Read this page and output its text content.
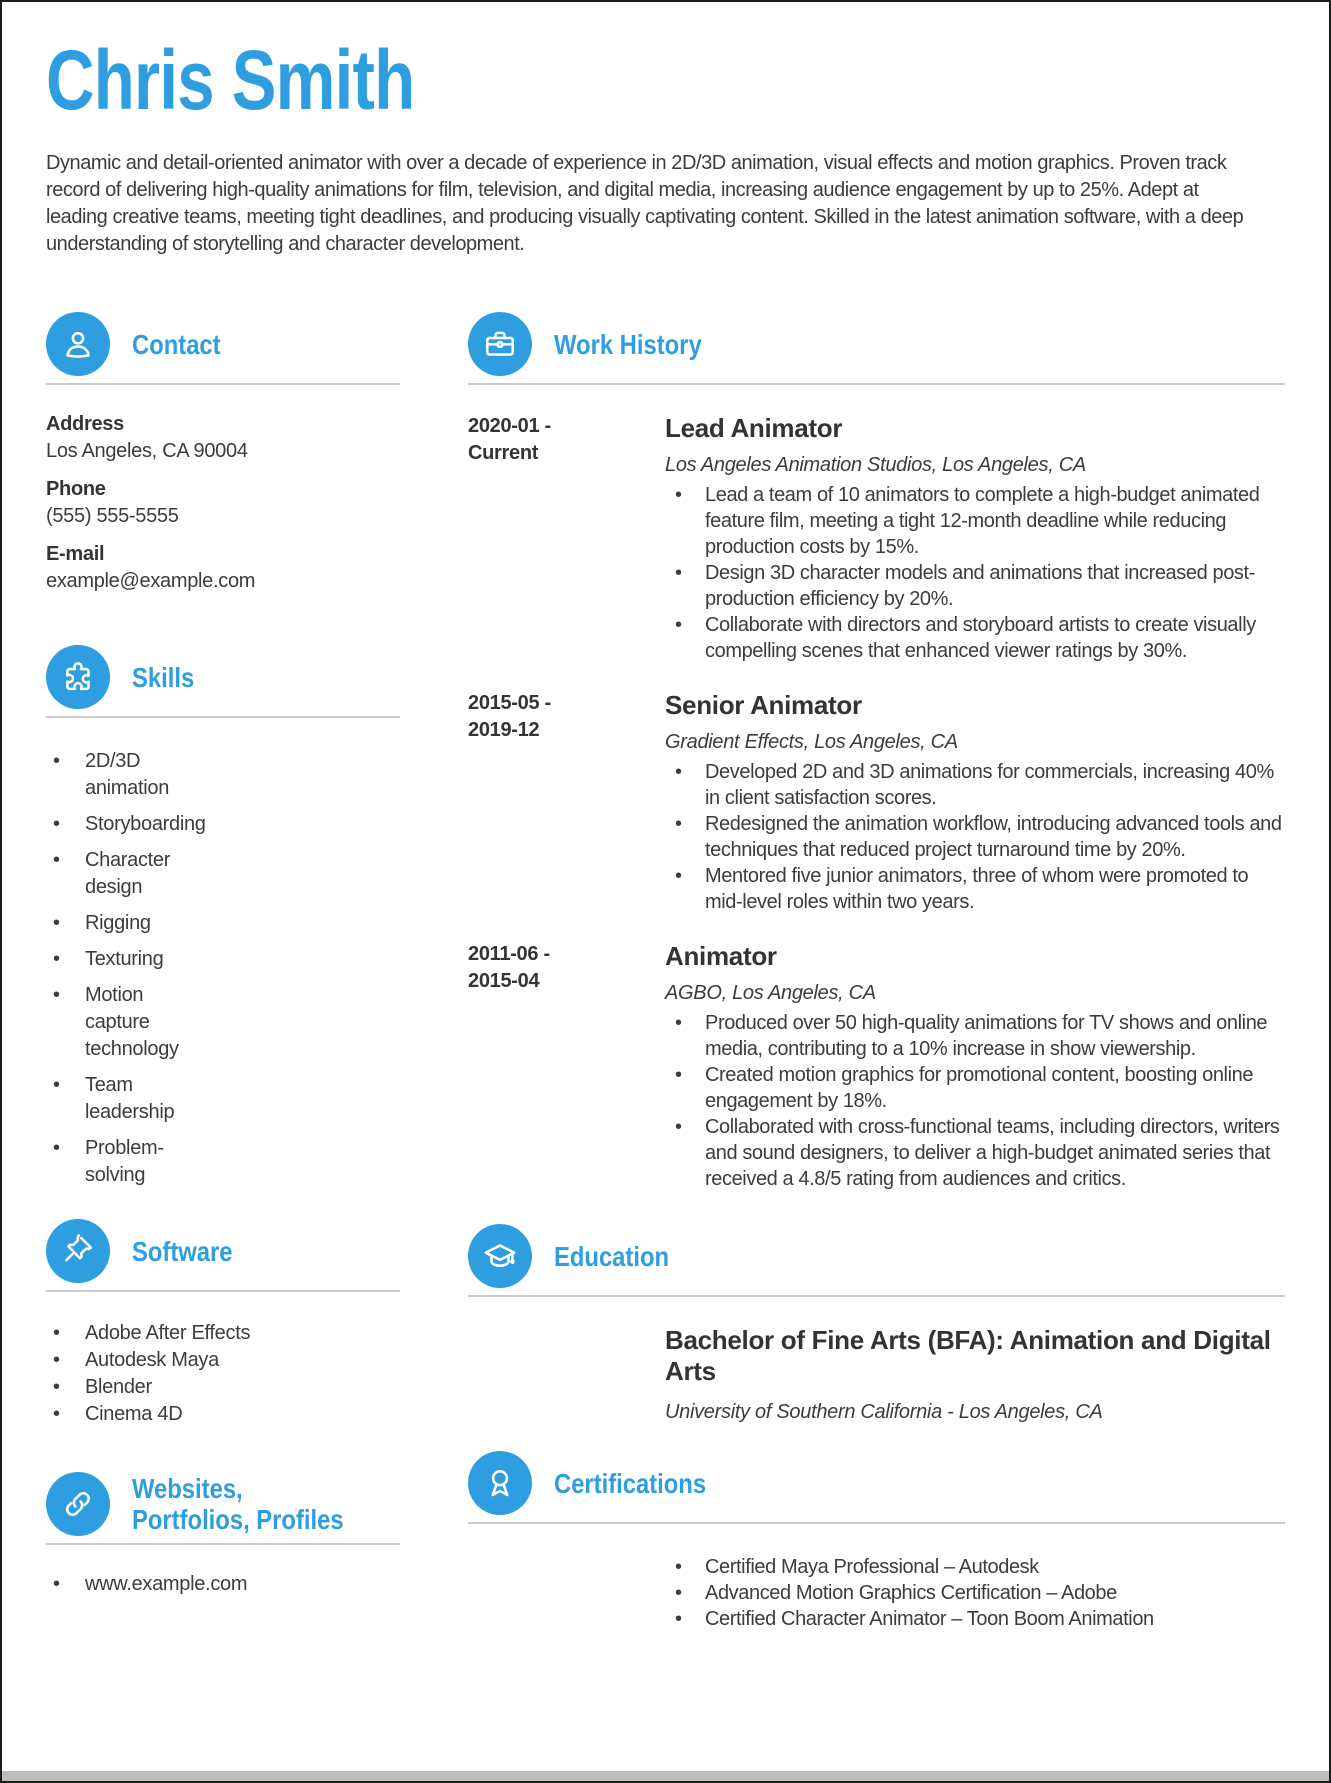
Chris Smith
Dynamic and detail-oriented animator with over a decade of experience in 2D/3D animation, visual effects and motion graphics. Proven track record of delivering high-quality animations for film, television, and digital media, increasing audience engagement by up to 25%. Adept at leading creative teams, meeting tight deadlines, and producing visually captivating content. Skilled in the latest animation software, with a deep understanding of storytelling and character development.
Contact
Address
Los Angeles, CA 90004
Phone
(555) 555-5555
E-mail
example@example.com
Skills
• 2D/3D animation
• Storyboarding
• Character design
• Rigging
• Texturing
• Motion capture technology
• Team leadership
• Problem-solving
Software
• Adobe After Effects
• Autodesk Maya
• Blender
• Cinema 4D
Websites, Portfolios, Profiles
• www.example.com
Work History
2020-01 -
Current
Lead Animator
Los Angeles Animation Studios, Los Angeles, CA
• Lead a team of 10 animators to complete a high-budget animated feature film, meeting a tight 12-month deadline while reducing production costs by 15%.
• Design 3D character models and animations that increased post-production efficiency by 20%.
• Collaborate with directors and storyboard artists to create visually compelling scenes that enhanced viewer ratings by 30%.
2015-05 -
2019-12
Senior Animator
Gradient Effects, Los Angeles, CA
• Developed 2D and 3D animations for commercials, increasing 40% in client satisfaction scores.
• Redesigned the animation workflow, introducing advanced tools and techniques that reduced project turnaround time by 20%.
• Mentored five junior animators, three of whom were promoted to mid-level roles within two years.
2011-06 -
2015-04
Animator
AGBO, Los Angeles, CA
• Produced over 50 high-quality animations for TV shows and online media, contributing to a 10% increase in show viewership.
• Created motion graphics for promotional content, boosting online engagement by 18%.
• Collaborated with cross-functional teams, including directors, writers and sound designers, to deliver a high-budget animated series that received a 4.8/5 rating from audiences and critics.
Education
Bachelor of Fine Arts (BFA): Animation and Digital Arts
University of Southern California - Los Angeles, CA
Certifications
• Certified Maya Professional – Autodesk
• Advanced Motion Graphics Certification – Adobe
• Certified Character Animator – Toon Boom Animation
